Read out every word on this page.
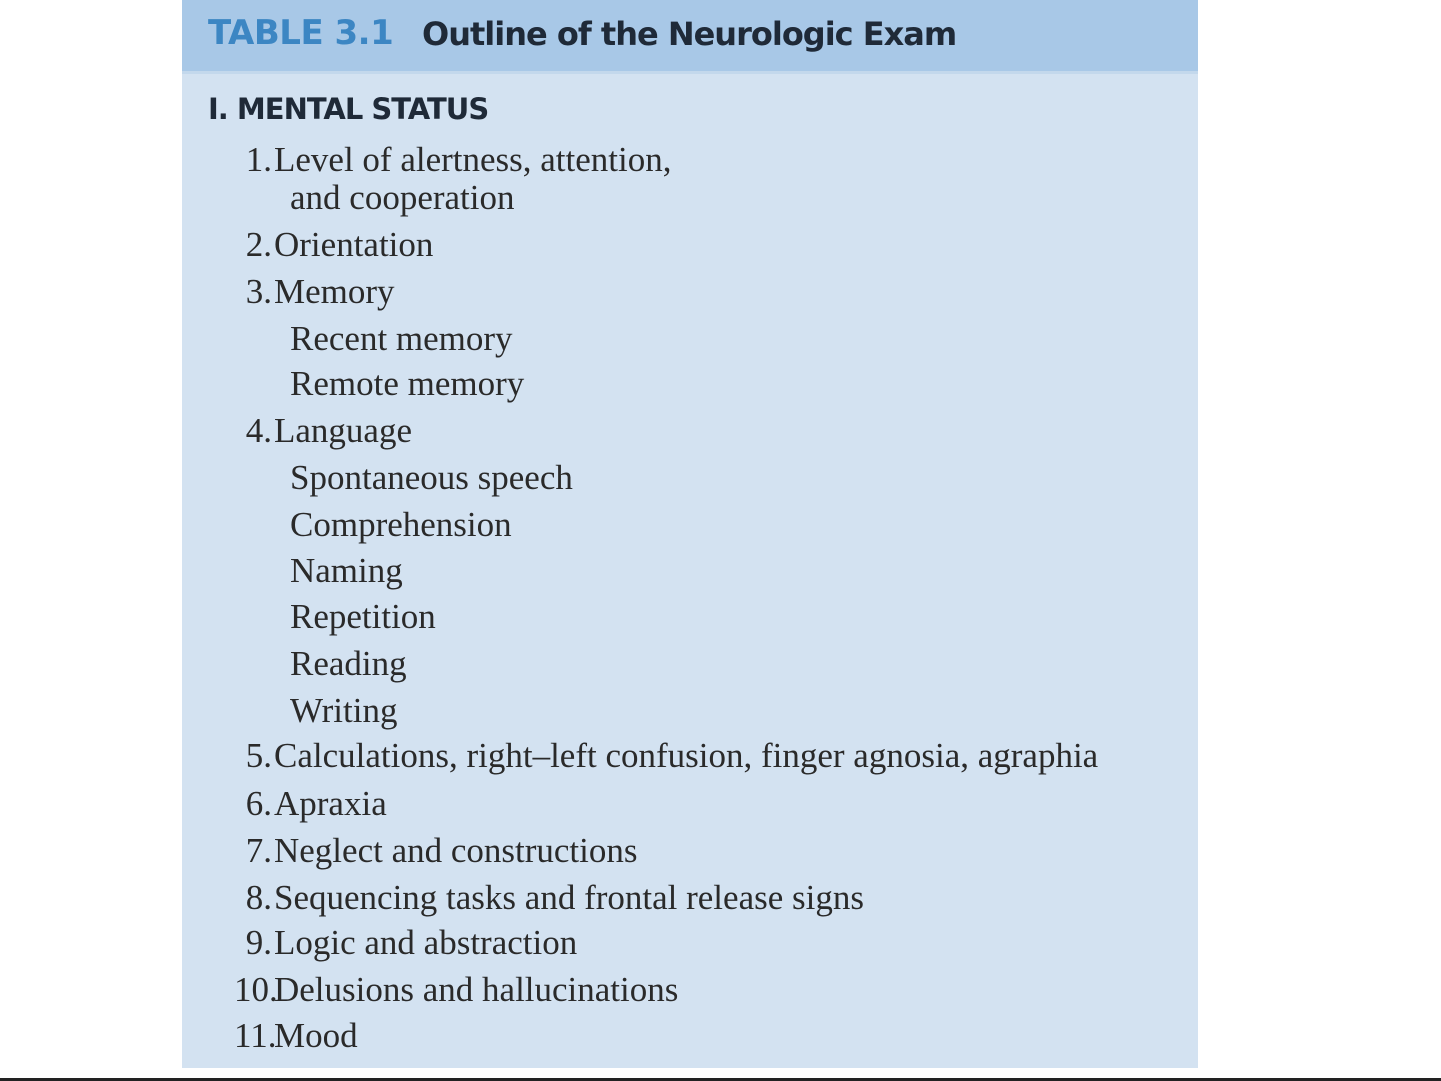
TABLE 3.1 Outline of the Neurologic Exam
I. MENTAL STATUS
1.Level of alertness, attention,
and cooperation
2.Orientation
3.Memory
Recent memory
Remote memory
4.Language
Spontaneous speech
Comprehension
Naming
Repetition
Reading
Writing
5.Calculations, right–left confusion, finger agnosia, agraphia
6.Apraxia
7.Neglect and constructions
8.Sequencing tasks and frontal release signs
9.Logic and abstraction
10.Delusions and hallucinations
11.Mood
